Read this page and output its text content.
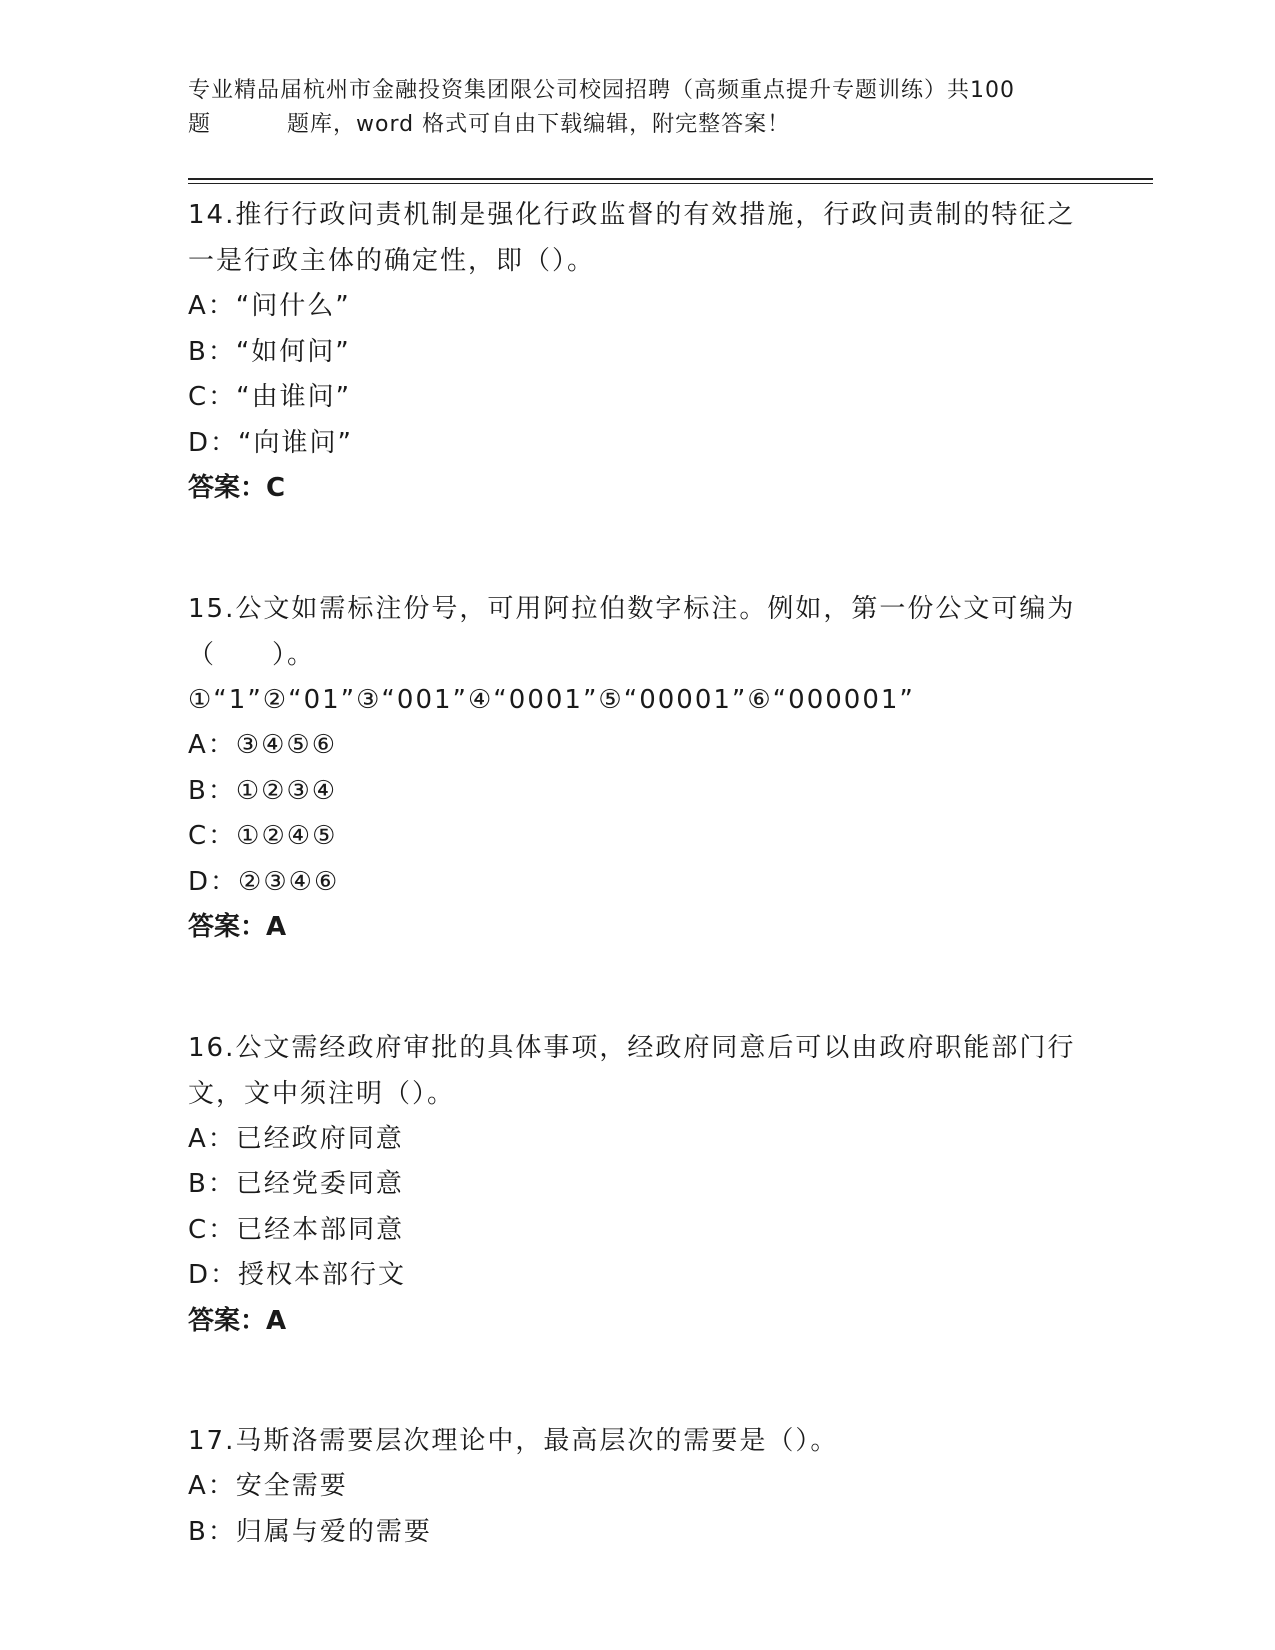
专业精品届杭州市金融投资集团限公司校园招聘（高频重点提升专题训练）共100
题	题库，word 格式可自由下载编辑，附完整答案！
14.推行行政问责机制是强化行政监督的有效措施，行政问责制的特征之一是行政主体的确定性，即（）。
A：“问什么”
B：“如何问”
C：“由谁问”
D：“向谁问”
答案：C
15.公文如需标注份号，可用阿拉伯数字标注。例如，第一份公文可编为（　　）。
①“1”②“01”③“001”④“0001”⑤“00001”⑥“000001”
A：③④⑤⑥
B：①②③④
C：①②④⑤
D：②③④⑥
答案：A
16.公文需经政府审批的具体事项，经政府同意后可以由政府职能部门行文，文中须注明（）。
A：已经政府同意
B：已经党委同意
C：已经本部同意
D：授权本部行文
答案：A
17.马斯洛需要层次理论中，最高层次的需要是（）。
A：安全需要
B：归属与爱的需要
